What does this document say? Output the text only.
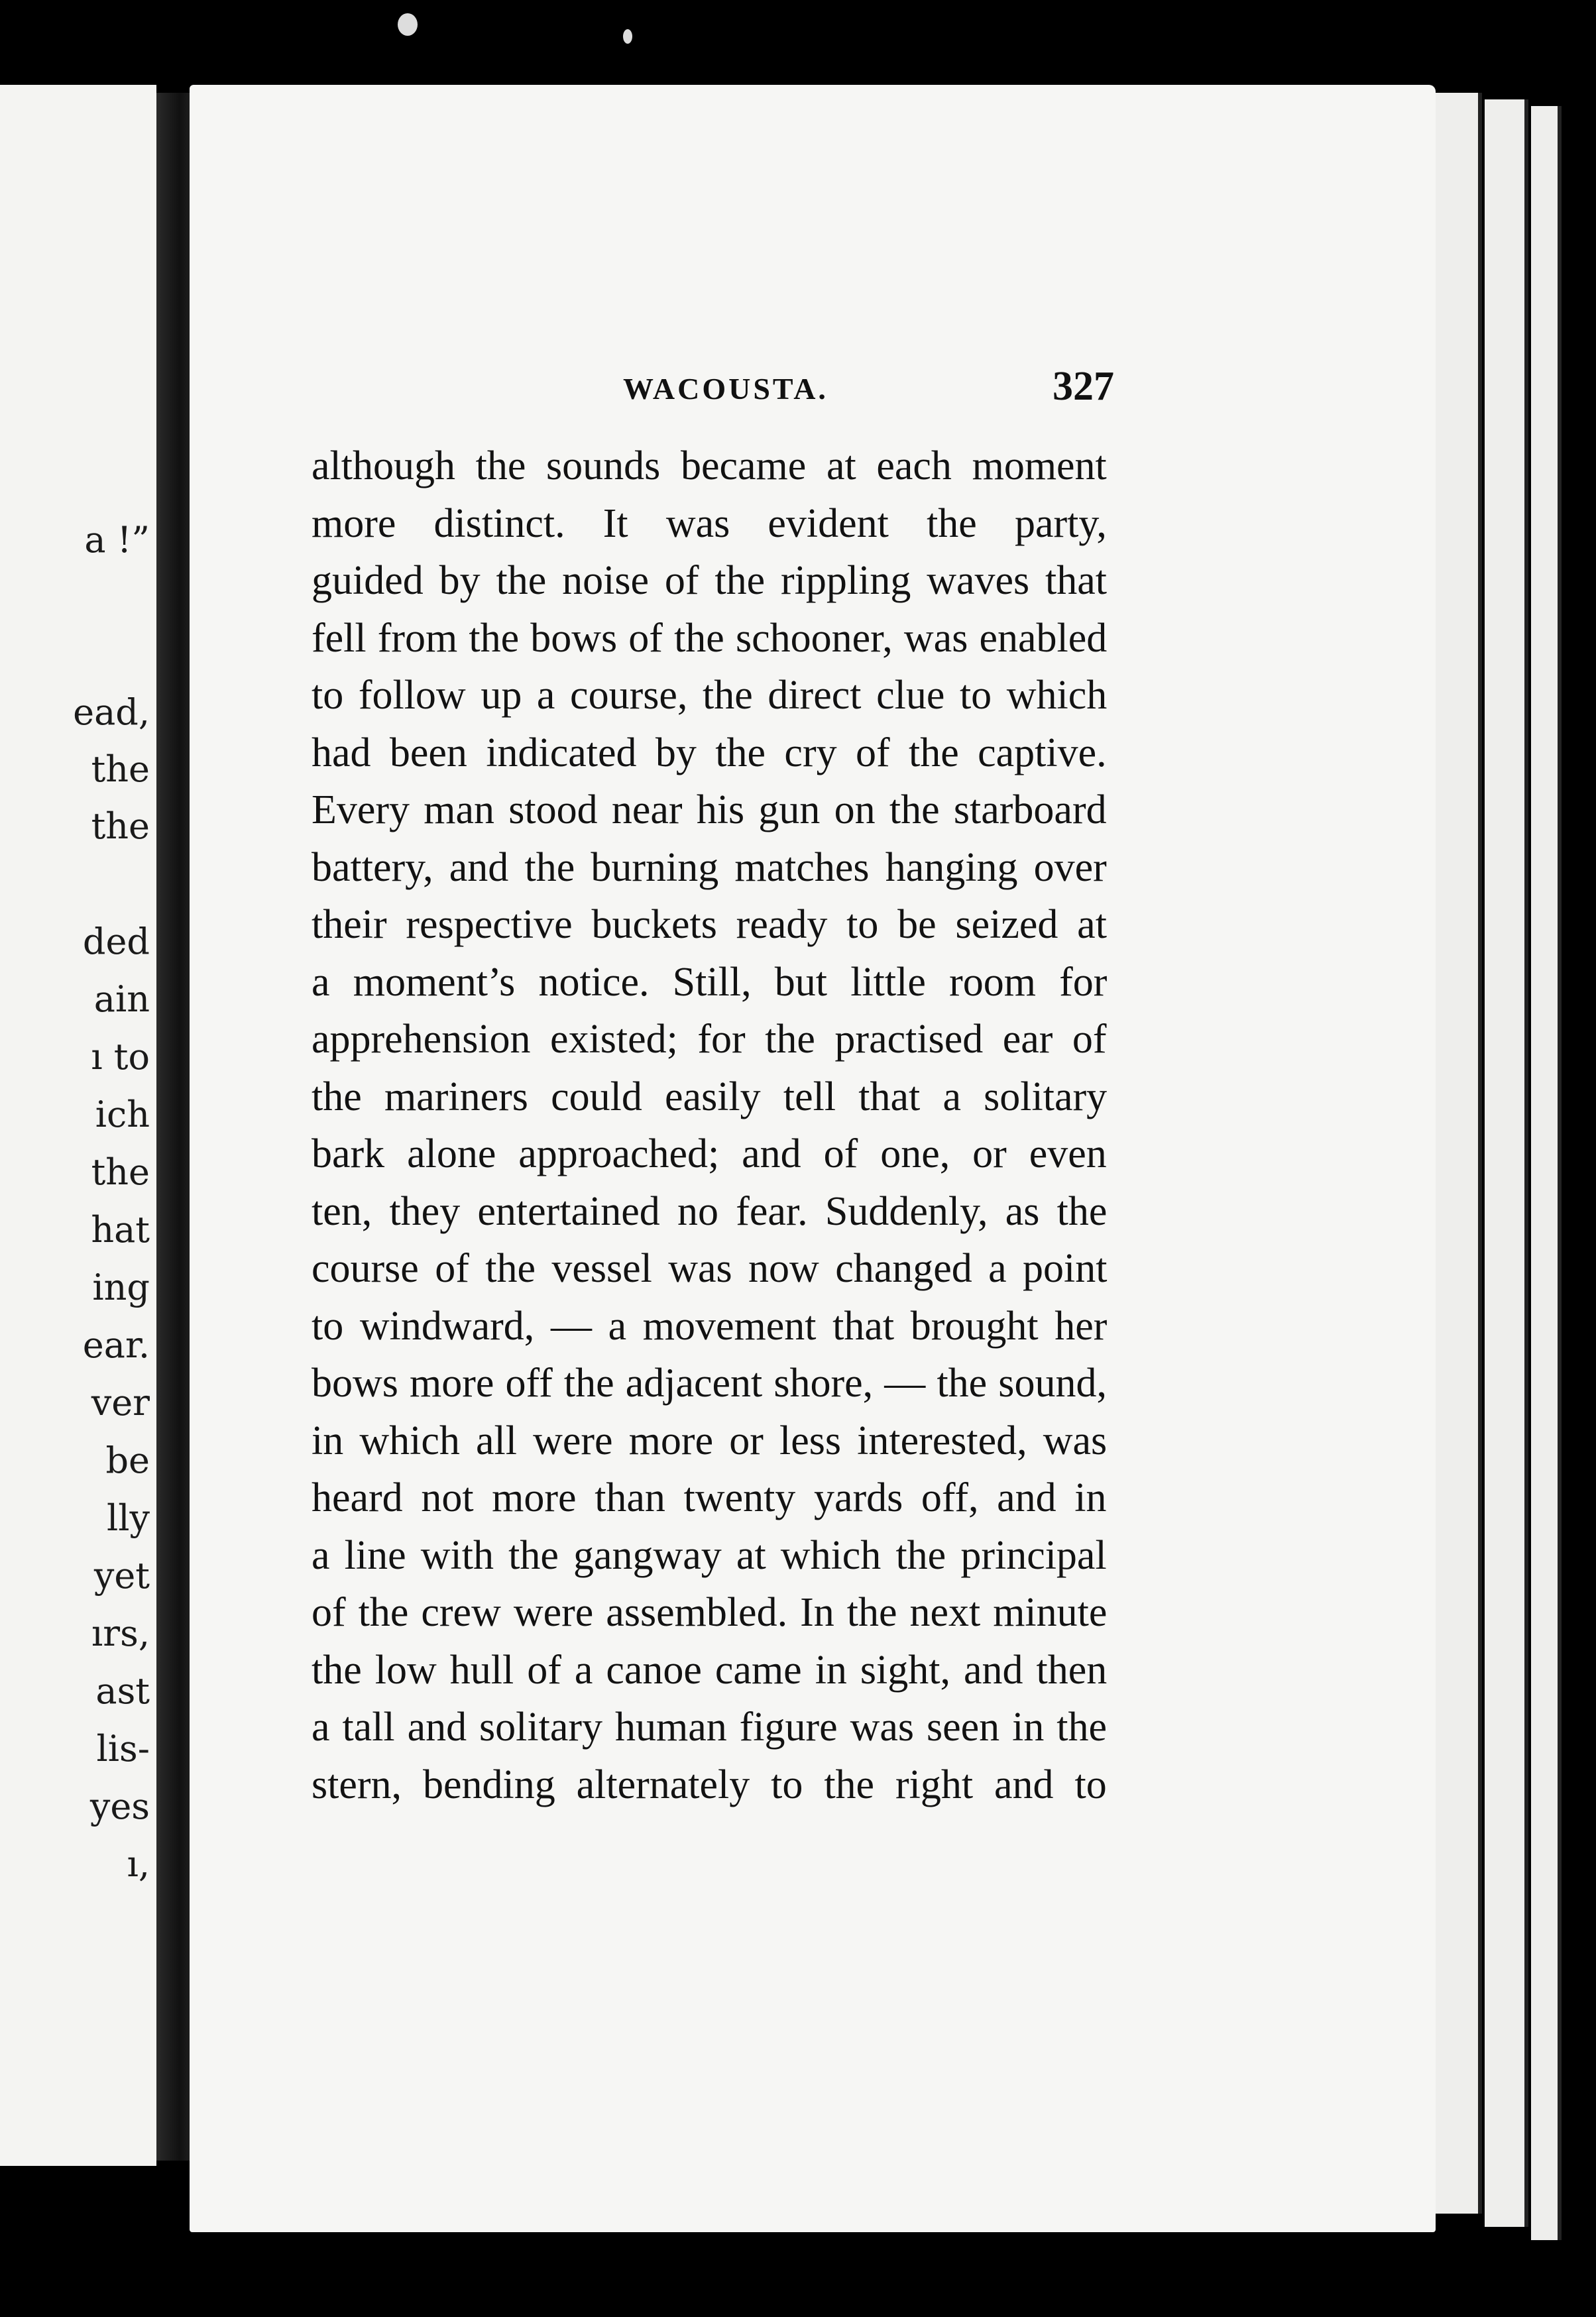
a !”
ead,
the
the
ded
ain
ı to
ich
the
hat
ing
ear.
ver
be
lly
yet
ırs,
ast
lis-
yes
ı,
WACOUSTA.	327
although the sounds became at each moment
more distinct. It was evident the party,
guided by the noise of the rippling waves that
fell from the bows of the schooner, was enabled
to follow up a course, the direct clue to which
had been indicated by the cry of the captive.
Every man stood near his gun on the starboard
battery, and the burning matches hanging over
their respective buckets ready to be seized at
a moment’s notice. Still, but little room for
apprehension existed; for the practised ear of
the mariners could easily tell that a solitary
bark alone approached; and of one, or even
ten, they entertained no fear. Suddenly, as the
course of the vessel was now changed a point
to windward, — a movement that brought her
bows more off the adjacent shore, — the sound,
in which all were more or less interested, was
heard not more than twenty yards off, and in
a line with the gangway at which the principal
of the crew were assembled. In the next minute
the low hull of a canoe came in sight, and then
a tall and solitary human figure was seen in the
stern, bending alternately to the right and to
